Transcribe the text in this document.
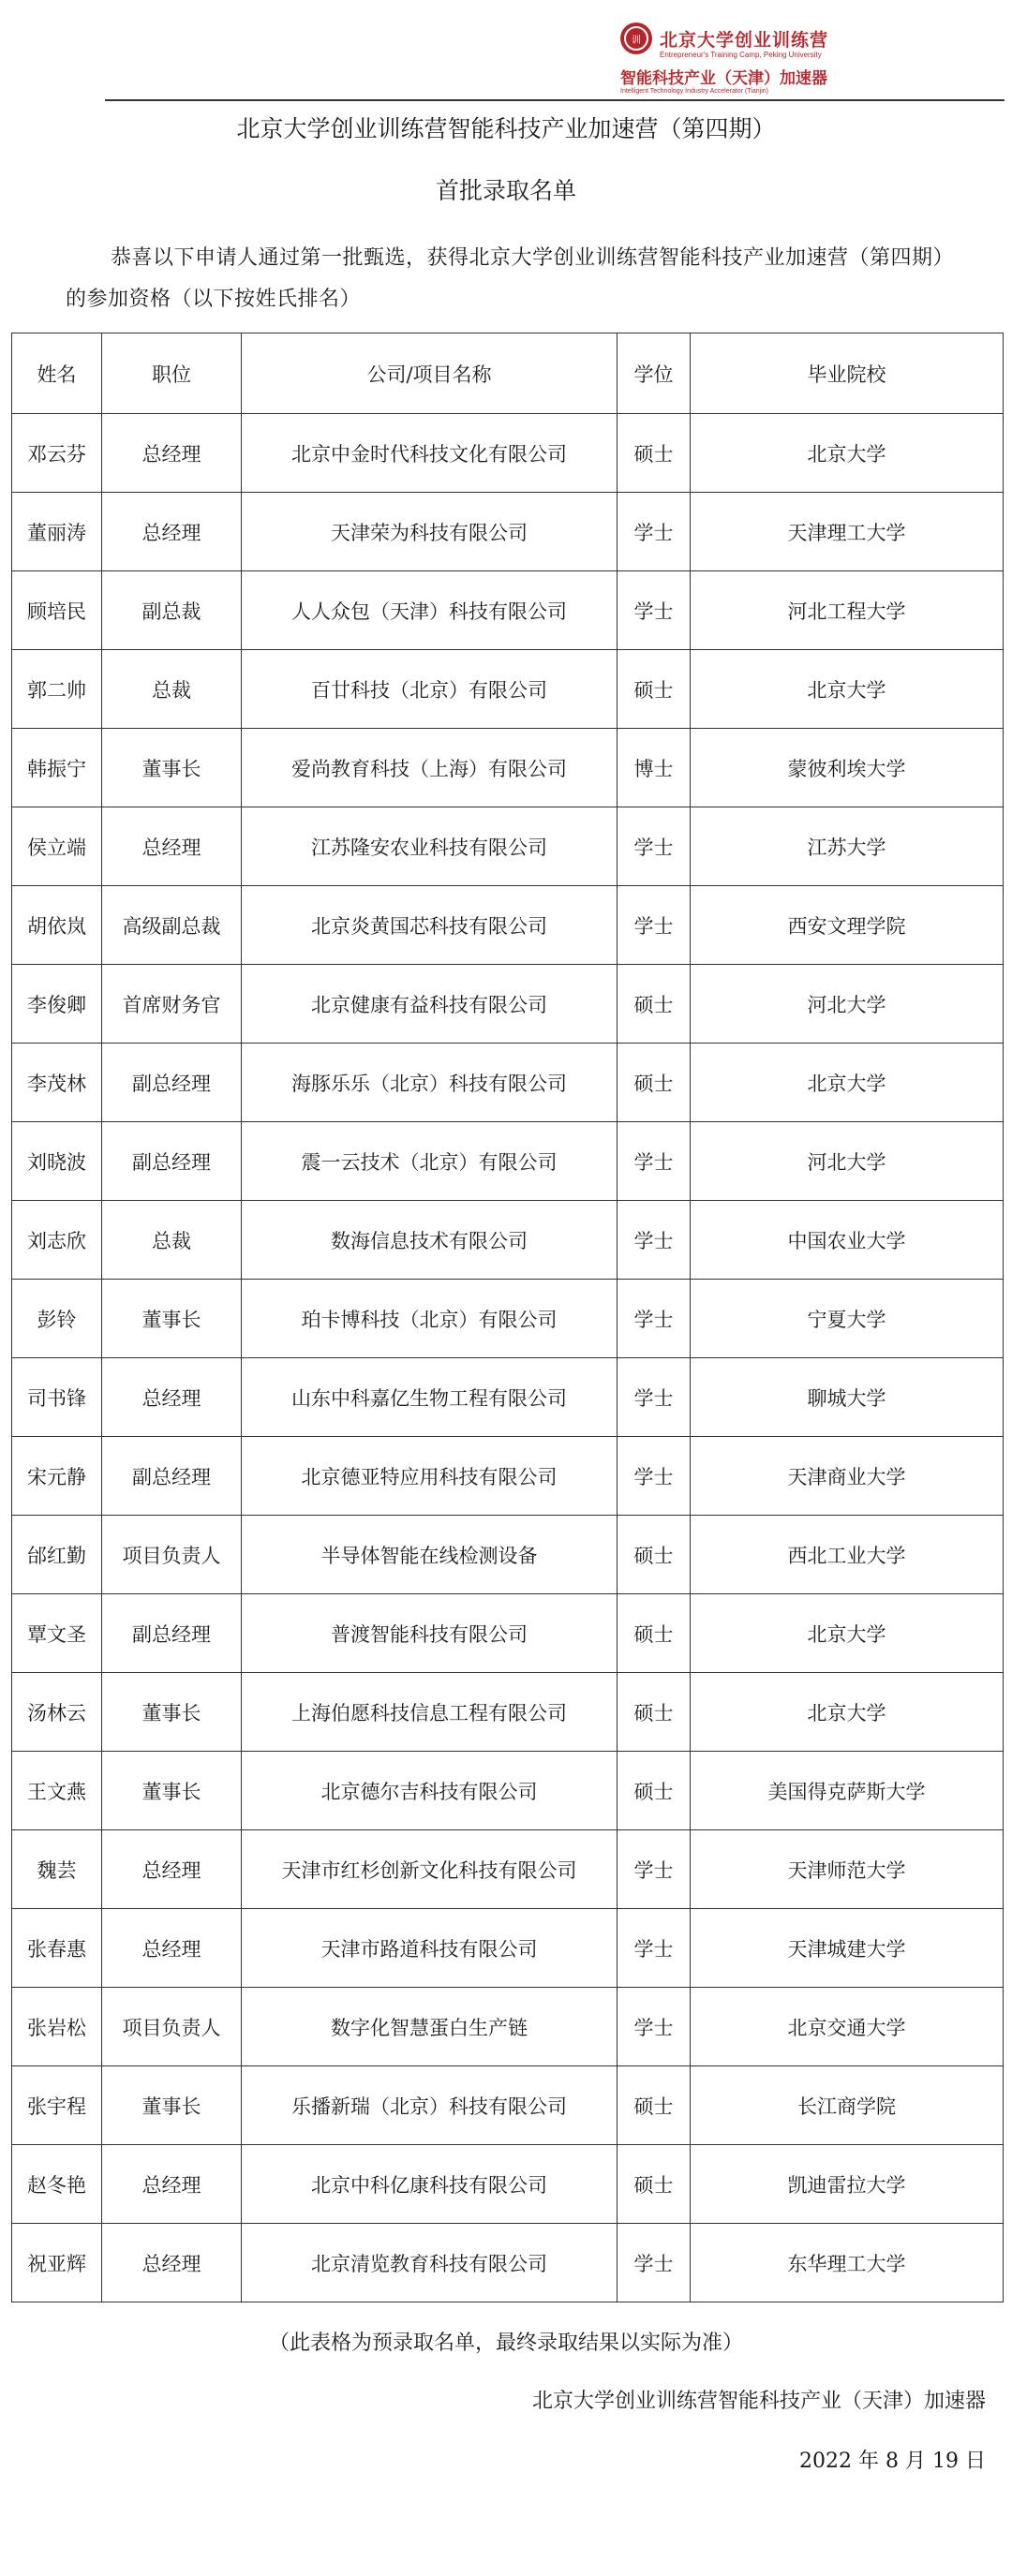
训	北京大学创业训练营
Entrepreneur's Training Camp, Peking University
智能科技产业（天津）加速器
Intelligent Technology Industry Accelerator (Tianjin)
北京大学创业训练营智能科技产业加速营（第四期）
首批录取名单
恭喜以下申请人通过第一批甄选，获得北京大学创业训练营智能科技产业加速营（第四期）的参加资格（以下按姓氏排名）
姓名	职位	公司/项目名称	学位	毕业院校
邓云芬	总经理	北京中金时代科技文化有限公司	硕士	北京大学
董丽涛	总经理	天津荣为科技有限公司	学士	天津理工大学
顾培民	副总裁	人人众包（天津）科技有限公司	学士	河北工程大学
郭二帅	总裁	百廿科技（北京）有限公司	硕士	北京大学
韩振宁	董事长	爱尚教育科技（上海）有限公司	博士	蒙彼利埃大学
侯立端	总经理	江苏隆安农业科技有限公司	学士	江苏大学
胡依岚	高级副总裁	北京炎黄国芯科技有限公司	学士	西安文理学院
李俊卿	首席财务官	北京健康有益科技有限公司	硕士	河北大学
李茂林	副总经理	海豚乐乐（北京）科技有限公司	硕士	北京大学
刘晓波	副总经理	震一云技术（北京）有限公司	学士	河北大学
刘志欣	总裁	数海信息技术有限公司	学士	中国农业大学
彭铃	董事长	珀卡博科技（北京）有限公司	学士	宁夏大学
司书锋	总经理	山东中科嘉亿生物工程有限公司	学士	聊城大学
宋元静	副总经理	北京德亚特应用科技有限公司	学士	天津商业大学
邰红勤	项目负责人	半导体智能在线检测设备	硕士	西北工业大学
覃文圣	副总经理	普渡智能科技有限公司	硕士	北京大学
汤林云	董事长	上海伯愿科技信息工程有限公司	硕士	北京大学
王文燕	董事长	北京德尔吉科技有限公司	硕士	美国得克萨斯大学
魏芸	总经理	天津市红杉创新文化科技有限公司	学士	天津师范大学
张春惠	总经理	天津市路道科技有限公司	学士	天津城建大学
张岩松	项目负责人	数字化智慧蛋白生产链	学士	北京交通大学
张宇程	董事长	乐播新瑞（北京）科技有限公司	硕士	长江商学院
赵冬艳	总经理	北京中科亿康科技有限公司	硕士	凯迪雷拉大学
祝亚辉	总经理	北京清览教育科技有限公司	学士	东华理工大学
（此表格为预录取名单，最终录取结果以实际为准）
北京大学创业训练营智能科技产业（天津）加速器
2022 年 8 月 19 日
